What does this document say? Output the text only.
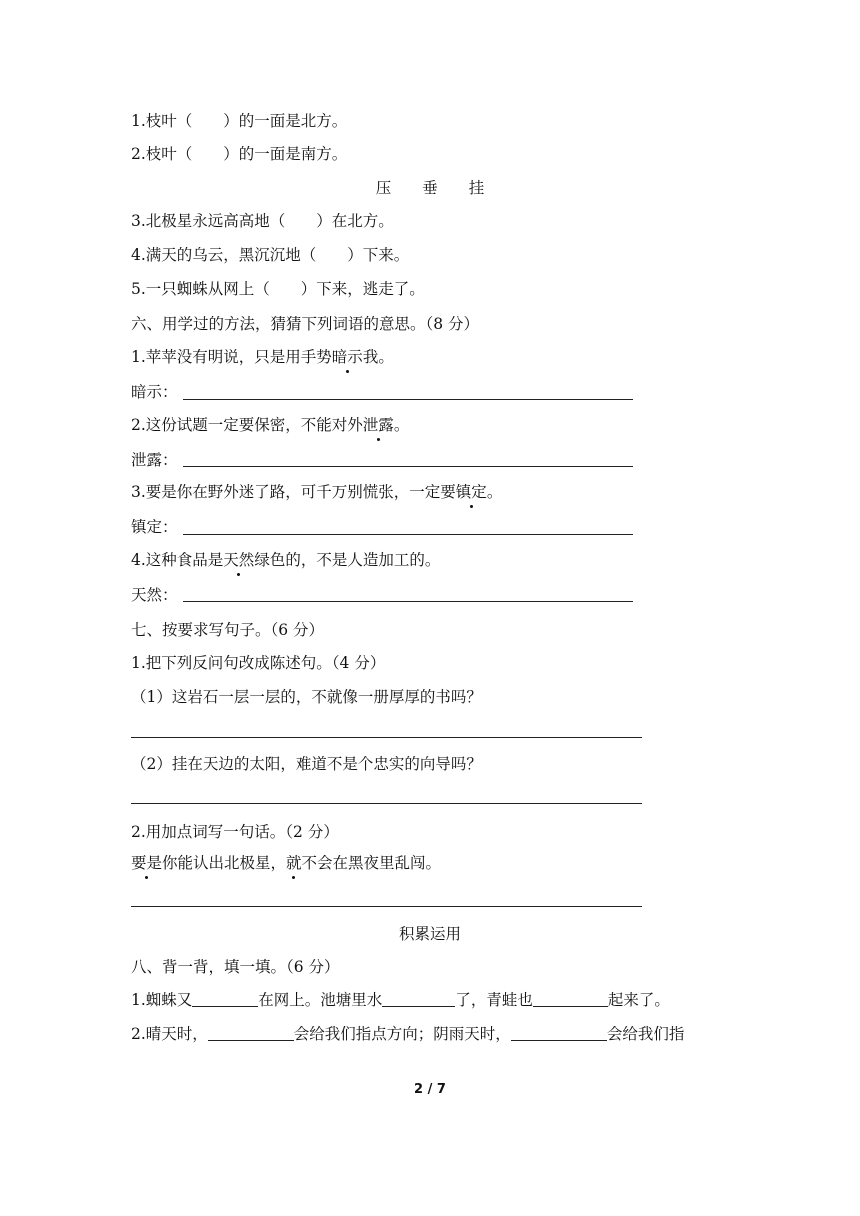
1.枝叶（　　）的一面是北方。
2.枝叶（　　）的一面是南方。
压　　垂　　挂
3.北极星永远高高地（　　）在北方。
4.满天的乌云，黑沉沉地（　　）下来。
5.一只蜘蛛从网上（　　）下来，逃走了。
六、用学过的方法，猜猜下列词语的意思。（8 分）
1.苹苹没有明说，只是用手势暗示我。
暗示：
2.这份试题一定要保密，不能对外泄露。
泄露：
3.要是你在野外迷了路，可千万别慌张，一定要镇定。
镇定：
4.这种食品是天然绿色的，不是人造加工的。
天然：
七、按要求写句子。（6 分）
1.把下列反问句改成陈述句。（4 分）
（1）这岩石一层一层的，不就像一册厚厚的书吗？
（2）挂在天边的太阳，难道不是个忠实的向导吗？
2.用加点词写一句话。（2 分）
要是你能认出北极星，就不会在黑夜里乱闯。
积累运用
八、背一背，填一填。（6 分）
1.蜘蛛又	在网上。池塘里水	了，青蛙也	起来了。
2.晴天时，	会给我们指点方向；阴雨天时，	会给我们指
2 / 7
